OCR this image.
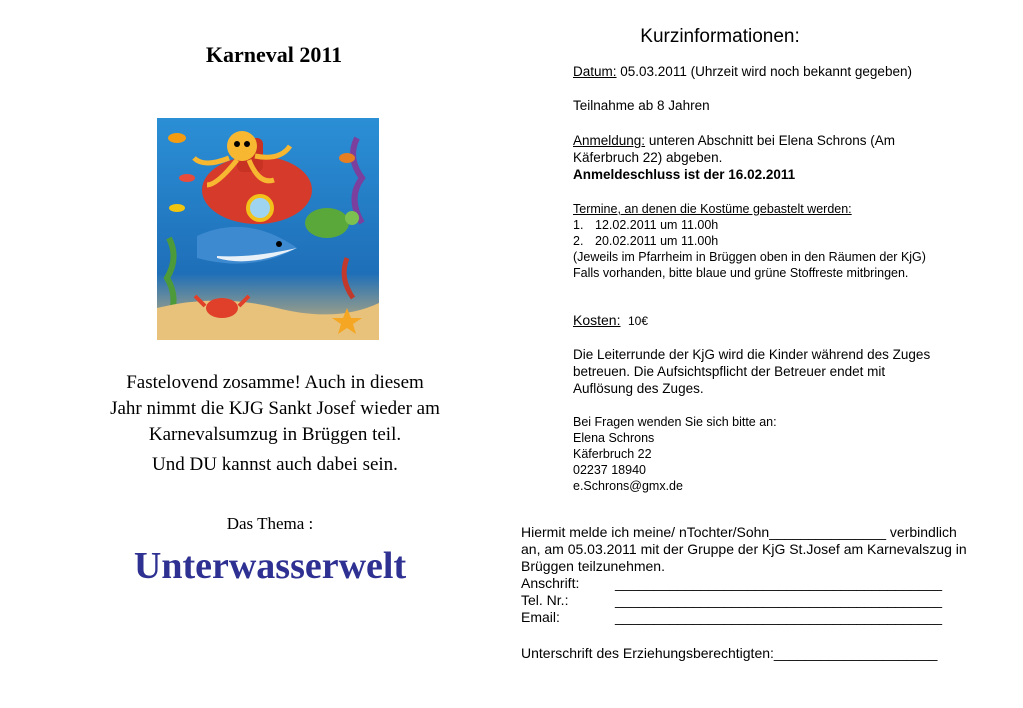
Karneval 2011
Fastelovend zosamme! Auch in diesem
Jahr nimmt die KJG Sankt Josef wieder am
Karnevalsumzug in Brüggen teil.
Und DU kannst auch dabei sein.
Das Thema :
Unterwasserwelt
Kurzinformationen:
Datum: 05.03.2011 (Uhrzeit wird noch bekannt gegeben)
Teilnahme ab 8 Jahren
Anmeldung: unteren Abschnitt bei Elena Schrons (Am
Käferbruch 22) abgeben.
Anmeldeschluss ist der 16.02.2011
Termine, an denen die Kostüme gebastelt werden:
1. 12.02.2011 um 11.00h
2. 20.02.2011 um 11.00h
(Jeweils im Pfarrheim in Brüggen oben in den Räumen der KjG)
Falls vorhanden, bitte blaue und grüne Stoffreste mitbringen.
Kosten: 10€
Die Leiterrunde der KjG wird die Kinder während des Zuges
betreuen. Die Aufsichtspflicht der Betreuer endet mit
Auflösung des Zuges.
Bei Fragen wenden Sie sich bitte an:
Elena Schrons
Käferbruch 22
02237 18940
e.Schrons@gmx.de
Hiermit melde ich meine/ nTochter/Sohn_______________ verbindlich
an, am 05.03.2011 mit der Gruppe der KjG St.Josef am Karnevalszug in
Brüggen teilzunehmen.
Anschrift:	__________________________________________
Tel. Nr.:	__________________________________________
Email:	__________________________________________
Unterschrift des Erziehungsberechtigten:_____________________
